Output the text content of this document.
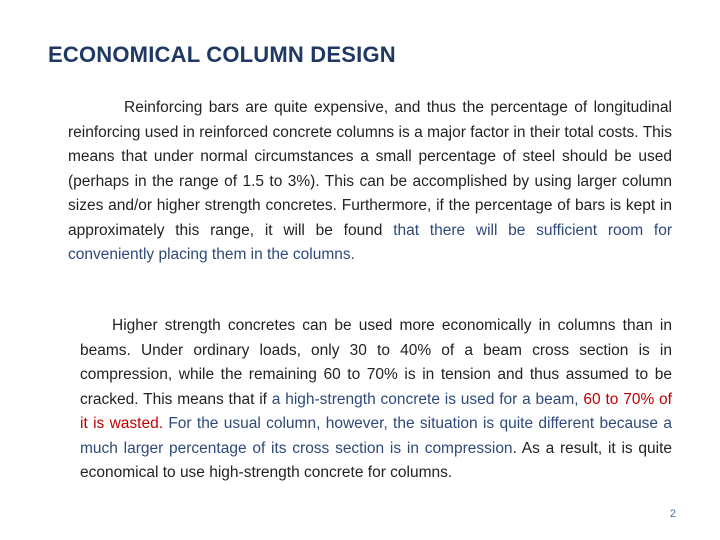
ECONOMICAL COLUMN DESIGN
Reinforcing bars are quite expensive, and thus the percentage of longitudinal reinforcing used in reinforced concrete columns is a major factor in their total costs. This means that under normal circumstances a small percentage of steel should be used (perhaps in the range of 1.5 to 3%). This can be accomplished by using larger column sizes and/or higher strength concretes. Furthermore, if the percentage of bars is kept in approximately this range, it will be found that there will be sufficient room for conveniently placing them in the columns.
Higher strength concretes can be used more economically in columns than in beams. Under ordinary loads, only 30 to 40% of a beam cross section is in compression, while the remaining 60 to 70% is in tension and thus assumed to be cracked. This means that if a high-strength concrete is used for a beam, 60 to 70% of it is wasted. For the usual column, however, the situation is quite different because a much larger percentage of its cross section is in compression. As a result, it is quite economical to use high-strength concrete for columns.
2
